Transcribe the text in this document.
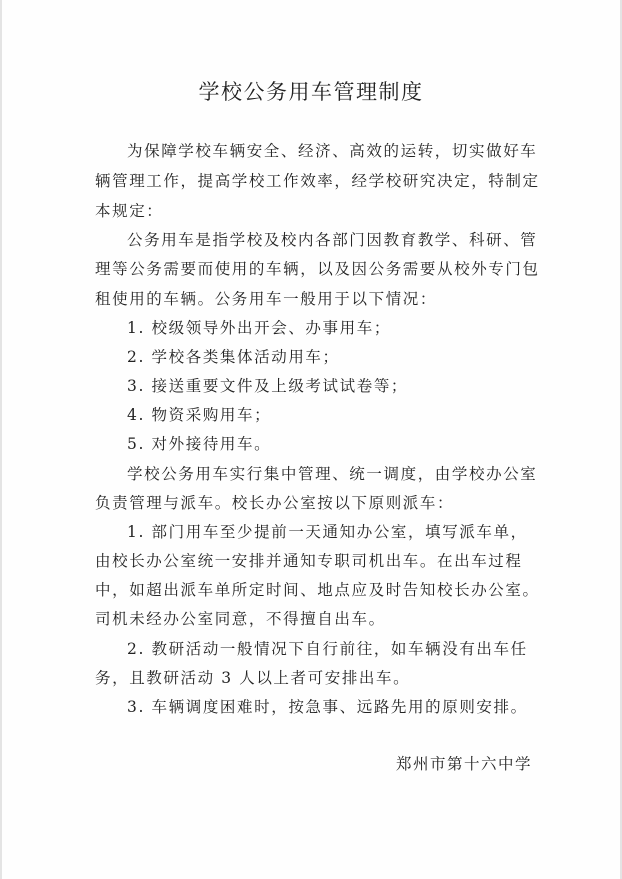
学校公务用车管理制度
为保障学校车辆安全、经济、高效的运转，切实做好车
辆管理工作，提高学校工作效率，经学校研究决定，特制定
本规定：
公务用车是指学校及校内各部门因教育教学、科研、管
理等公务需要而使用的车辆，以及因公务需要从校外专门包
租使用的车辆。公务用车一般用于以下情况：
1. 校级领导外出开会、办事用车；
2. 学校各类集体活动用车；
3. 接送重要文件及上级考试试卷等；
4. 物资采购用车；
5. 对外接待用车。
学校公务用车实行集中管理、统一调度，由学校办公室
负责管理与派车。校长办公室按以下原则派车：
1. 部门用车至少提前一天通知办公室，填写派车单，
由校长办公室统一安排并通知专职司机出车。在出车过程
中，如超出派车单所定时间、地点应及时告知校长办公室。
司机未经办公室同意，不得擅自出车。
2. 教研活动一般情况下自行前往，如车辆没有出车任
务，且教研活动 3 人以上者可安排出车。
3. 车辆调度困难时，按急事、远路先用的原则安排。
郑州市第十六中学
